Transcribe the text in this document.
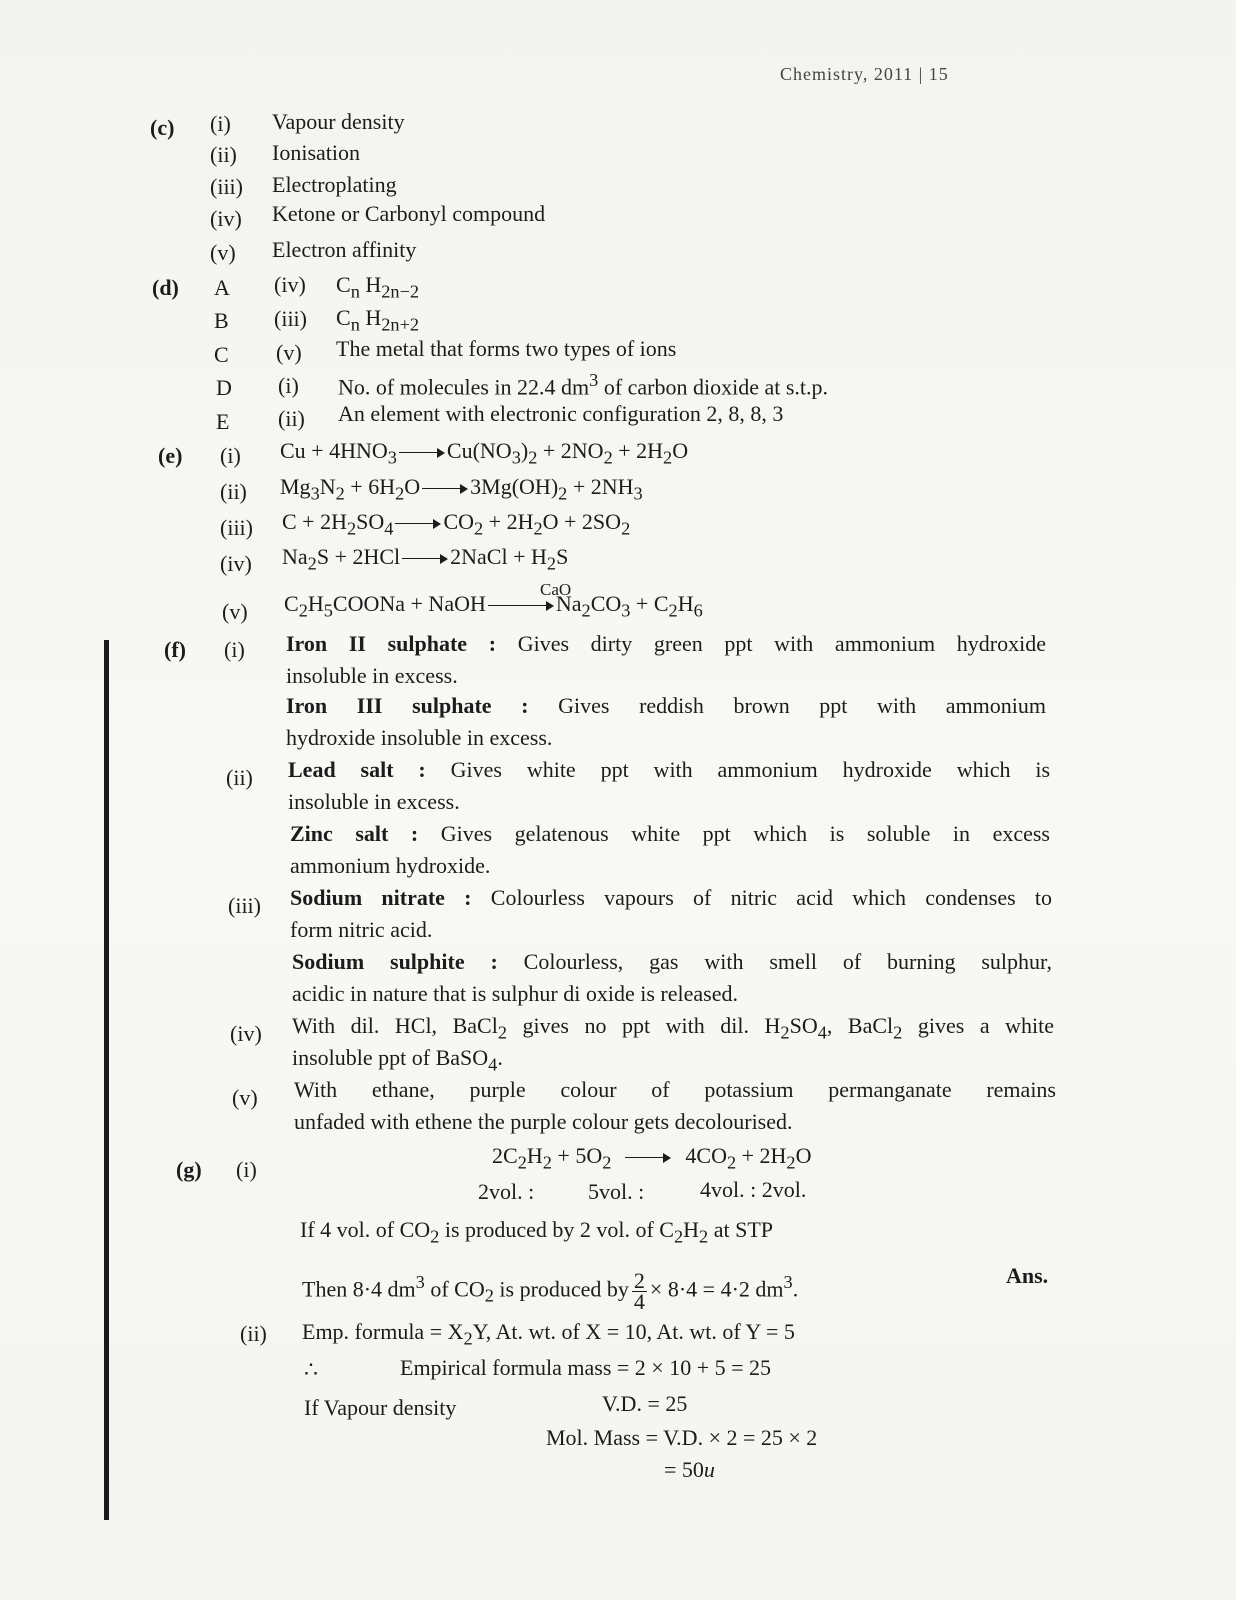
Chemistry, 2011 | 15
(c) (i) Vapour density
(ii) Ionisation
(iii) Electroplating
(iv) Ketone or Carbonyl compound
(v) Electron affinity
(d) A (iv) $C_n$ $H_{2n-2}$
B (iii) $C_n$ $H_{2n+2}$
C (v) The metal that forms two types of ions
D (i) No. of molecules in 22.4 $dm^3$ of carbon dioxide at s.t.p.
E (ii) An element with electronic configuration 2, 8, 8, 3
(e) (i) $Cu + 4HNO_3$ $Cu(NO_3)_2 + 2NO_2 + 2H_2O$
(ii) $Mg_3N_2 + 6H_2O$ $3Mg(OH)_2 + 2NH_3$
(iii) $C + 2H_2SO_4$ $CO_2 + 2H_2O + 2SO_2$
(iv) $Na_2S + 2HCl$ 2NaCl + $H_2S$
CaO
(v) $C_2H_5COONa$ + NaOH	$Na_2CO_3 + C_2H_6$
(f) (i) Iron II sulphate : Gives dirty green ppt with ammonium hydroxide
insoluble in excess.
Iron III sulphate : Gives reddish brown ppt with ammonium
hydroxide insoluble in excess.
(ii) Lead salt : Gives white ppt with ammonium hydroxide which is
insoluble in excess.
Zinc salt : Gives gelatenous white ppt which is soluble in excess
ammonium hydroxide.
(iii) Sodium nitrate : Colourless vapours of nitric acid which condenses to
form nitric acid.
Sodium sulphite : Colourless, gas with smell of burning sulphur,
acidic in nature that is sulphur di oxide is released.
(iv) With dil. HCl, BaCl$_2$ gives no ppt with dil. $H_2SO_4$, BaCl$_2$ gives a white
insoluble ppt of BaSO$_4$.
(v) With ethane, purple colour of potassium permanganate remains
unfaded with ethene the purple colour gets decolourised.
(g) (i)
$2C_2H_2 + 5O_2$	$4CO_2 + 2H_2O$
2vol. : 5vol. :	4vol. : 2vol.
If 4 vol. of $CO_2$ is produced by 2 vol. of $C_2H_2$ at STP
Then 8·4 $dm^3$ of $CO_2$ is produced by $\frac{2}{4} \times 8\cdot 4 = 4\cdot 2$ $dm^3$.
Ans.
(ii) Emp. formula = $X_2Y$, At. wt. of X = 10, At. wt. of Y = 5
∴	Empirical formula mass = 2 × 10 + 5 = 25
If Vapour density	V.D. = 25
Mol. Mass = V.D. × 2 = 25 × 2
= 50u
